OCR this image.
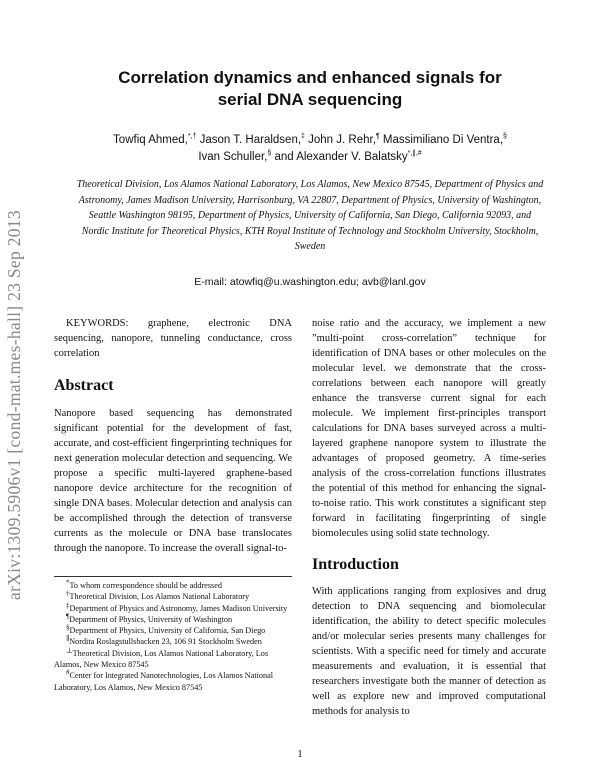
arXiv:1309.5906v1 [cond-mat.mes-hall] 23 Sep 2013
Correlation dynamics and enhanced signals for
serial DNA sequencing
Towfiq Ahmed,*,† Jason T. Haraldsen,‡ John J. Rehr,¶ Massimiliano Di Ventra,§
Ivan Schuller,§ and Alexander V. Balatsky*,∥,#
Theoretical Division, Los Alamos National Laboratory, Los Alamos, New Mexico 87545, Department of Physics and Astronomy, James Madison University, Harrisonburg, VA 22807, Department of Physics, University of Washington, Seattle Washington 98195, Department of Physics, University of California, San Diego, California 92093, and Nordic Institute for Theoretical Physics, KTH Royal Institute of Technology and Stockholm University, Stockholm, Sweden
E-mail: atowfiq@u.washington.edu; avb@lanl.gov

KEYWORDS: graphene, electronic DNA sequencing, nanopore, tunneling conductance, cross correlation

Abstract

Nanopore based sequencing has demonstrated significant potential for the development of fast, accurate, and cost-efficient fingerprinting techniques for next generation molecular detection and sequencing. We propose a specific multi-layered graphene-based nanopore device architecture for the recognition of single DNA bases. Molecular detection and analysis can be accomplished through the detection of transverse currents as the molecule or DNA base translocates through the nanopore. To increase the overall signal-to-

noise ratio and the accuracy, we implement a new ”multi-point cross-correlation” technique for identification of DNA bases or other molecules on the molecular level. we demonstrate that the cross-correlations between each nanopore will greatly enhance the transverse current signal for each molecule. We implement first-principles transport calculations for DNA bases surveyed across a multi-layered graphene nanopore system to illustrate the advantages of proposed geometry. A time-series analysis of the cross-correlation functions illustrates the potential of this method for enhancing the signal-to-noise ratio. This work constitutes a significant step forward in facilitating fingerprinting of single biomolecules using solid state technology.

Introduction

With applications ranging from explosives and drug detection to DNA sequencing and biomolecular identification, the ability to detect specific molecules and/or molecular series presents many challenges for scientists. With a specific need for timely and accurate measurements and evaluation, it is essential that researchers investigate both the manner of detection as well as explore new and improved computational methods for analysis to

*To whom correspondence should be addressed

†Theoretical Division, Los Alamos National Laboratory

‡Department of Physics and Astronomy, James Madison University

¶Department of Physics, University of Washington

§Department of Physics, University of California, San Diego

∥Nordita Roslagstullsbacken 23, 106 91 Stockholm Sweden

⊥Theoretical Division, Los Alamos National Laboratory, Los Alamos, New Mexico 87545

#Center for Integrated Nanotechnologies, Los Alamos National Laboratory, Los Alamos, New Mexico 87545

1
